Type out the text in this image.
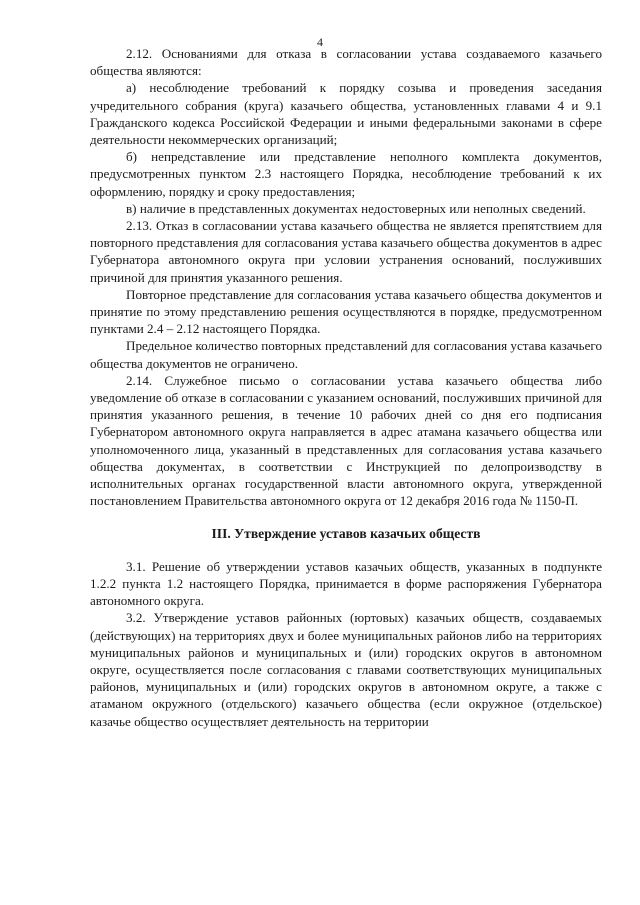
4

2.12. Основаниями для отказа в согласовании устава создаваемого казачьего общества являются:

а) несоблюдение требований к порядку созыва и проведения заседания учредительного собрания (круга) казачьего общества, установленных главами 4 и 9.1 Гражданского кодекса Российской Федерации и иными федеральными законами в сфере деятельности некоммерческих организаций;

б) непредставление или представление неполного комплекта документов, предусмотренных пунктом 2.3 настоящего Порядка, несоблюдение требований к их оформлению, порядку и сроку предоставления;

в) наличие в представленных документах недостоверных или неполных сведений.

2.13. Отказ в согласовании устава казачьего общества не является препятствием для повторного представления для согласования устава казачьего общества документов в адрес Губернатора автономного округа при условии устранения оснований, послуживших причиной для принятия указанного решения.

Повторное представление для согласования устава казачьего общества документов и принятие по этому представлению решения осуществляются в порядке, предусмотренном пунктами 2.4 – 2.12 настоящего Порядка.

Предельное количество повторных представлений для согласования устава казачьего общества документов не ограничено.

2.14. Служебное письмо о согласовании устава казачьего общества либо уведомление об отказе в согласовании с указанием оснований, послуживших причиной для принятия указанного решения, в течение 10 рабочих дней со дня его подписания Губернатором автономного округа направляется в адрес атамана казачьего общества или уполномоченного лица, указанный в представленных для согласования устава казачьего общества документах, в соответствии с Инструкцией по делопроизводству в исполнительных органах государственной власти автономного округа, утвержденной постановлением Правительства автономного округа от 12 декабря 2016 года № 1150-П.

III. Утверждение уставов казачьих обществ

3.1. Решение об утверждении уставов казачьих обществ, указанных в подпункте 1.2.2 пункта 1.2 настоящего Порядка, принимается в форме распоряжения Губернатора автономного округа.

3.2. Утверждение уставов районных (юртовых) казачьих обществ, создаваемых (действующих) на территориях двух и более муниципальных районов либо на территориях муниципальных районов и муниципальных и (или) городских округов в автономном округе, осуществляется после согласования с главами соответствующих муниципальных районов, муниципальных и (или) городских округов в автономном округе, а также с атаманом окружного (отдельского) казачьего общества (если окружное (отдельское) казачье общество осуществляет деятельность на территории
